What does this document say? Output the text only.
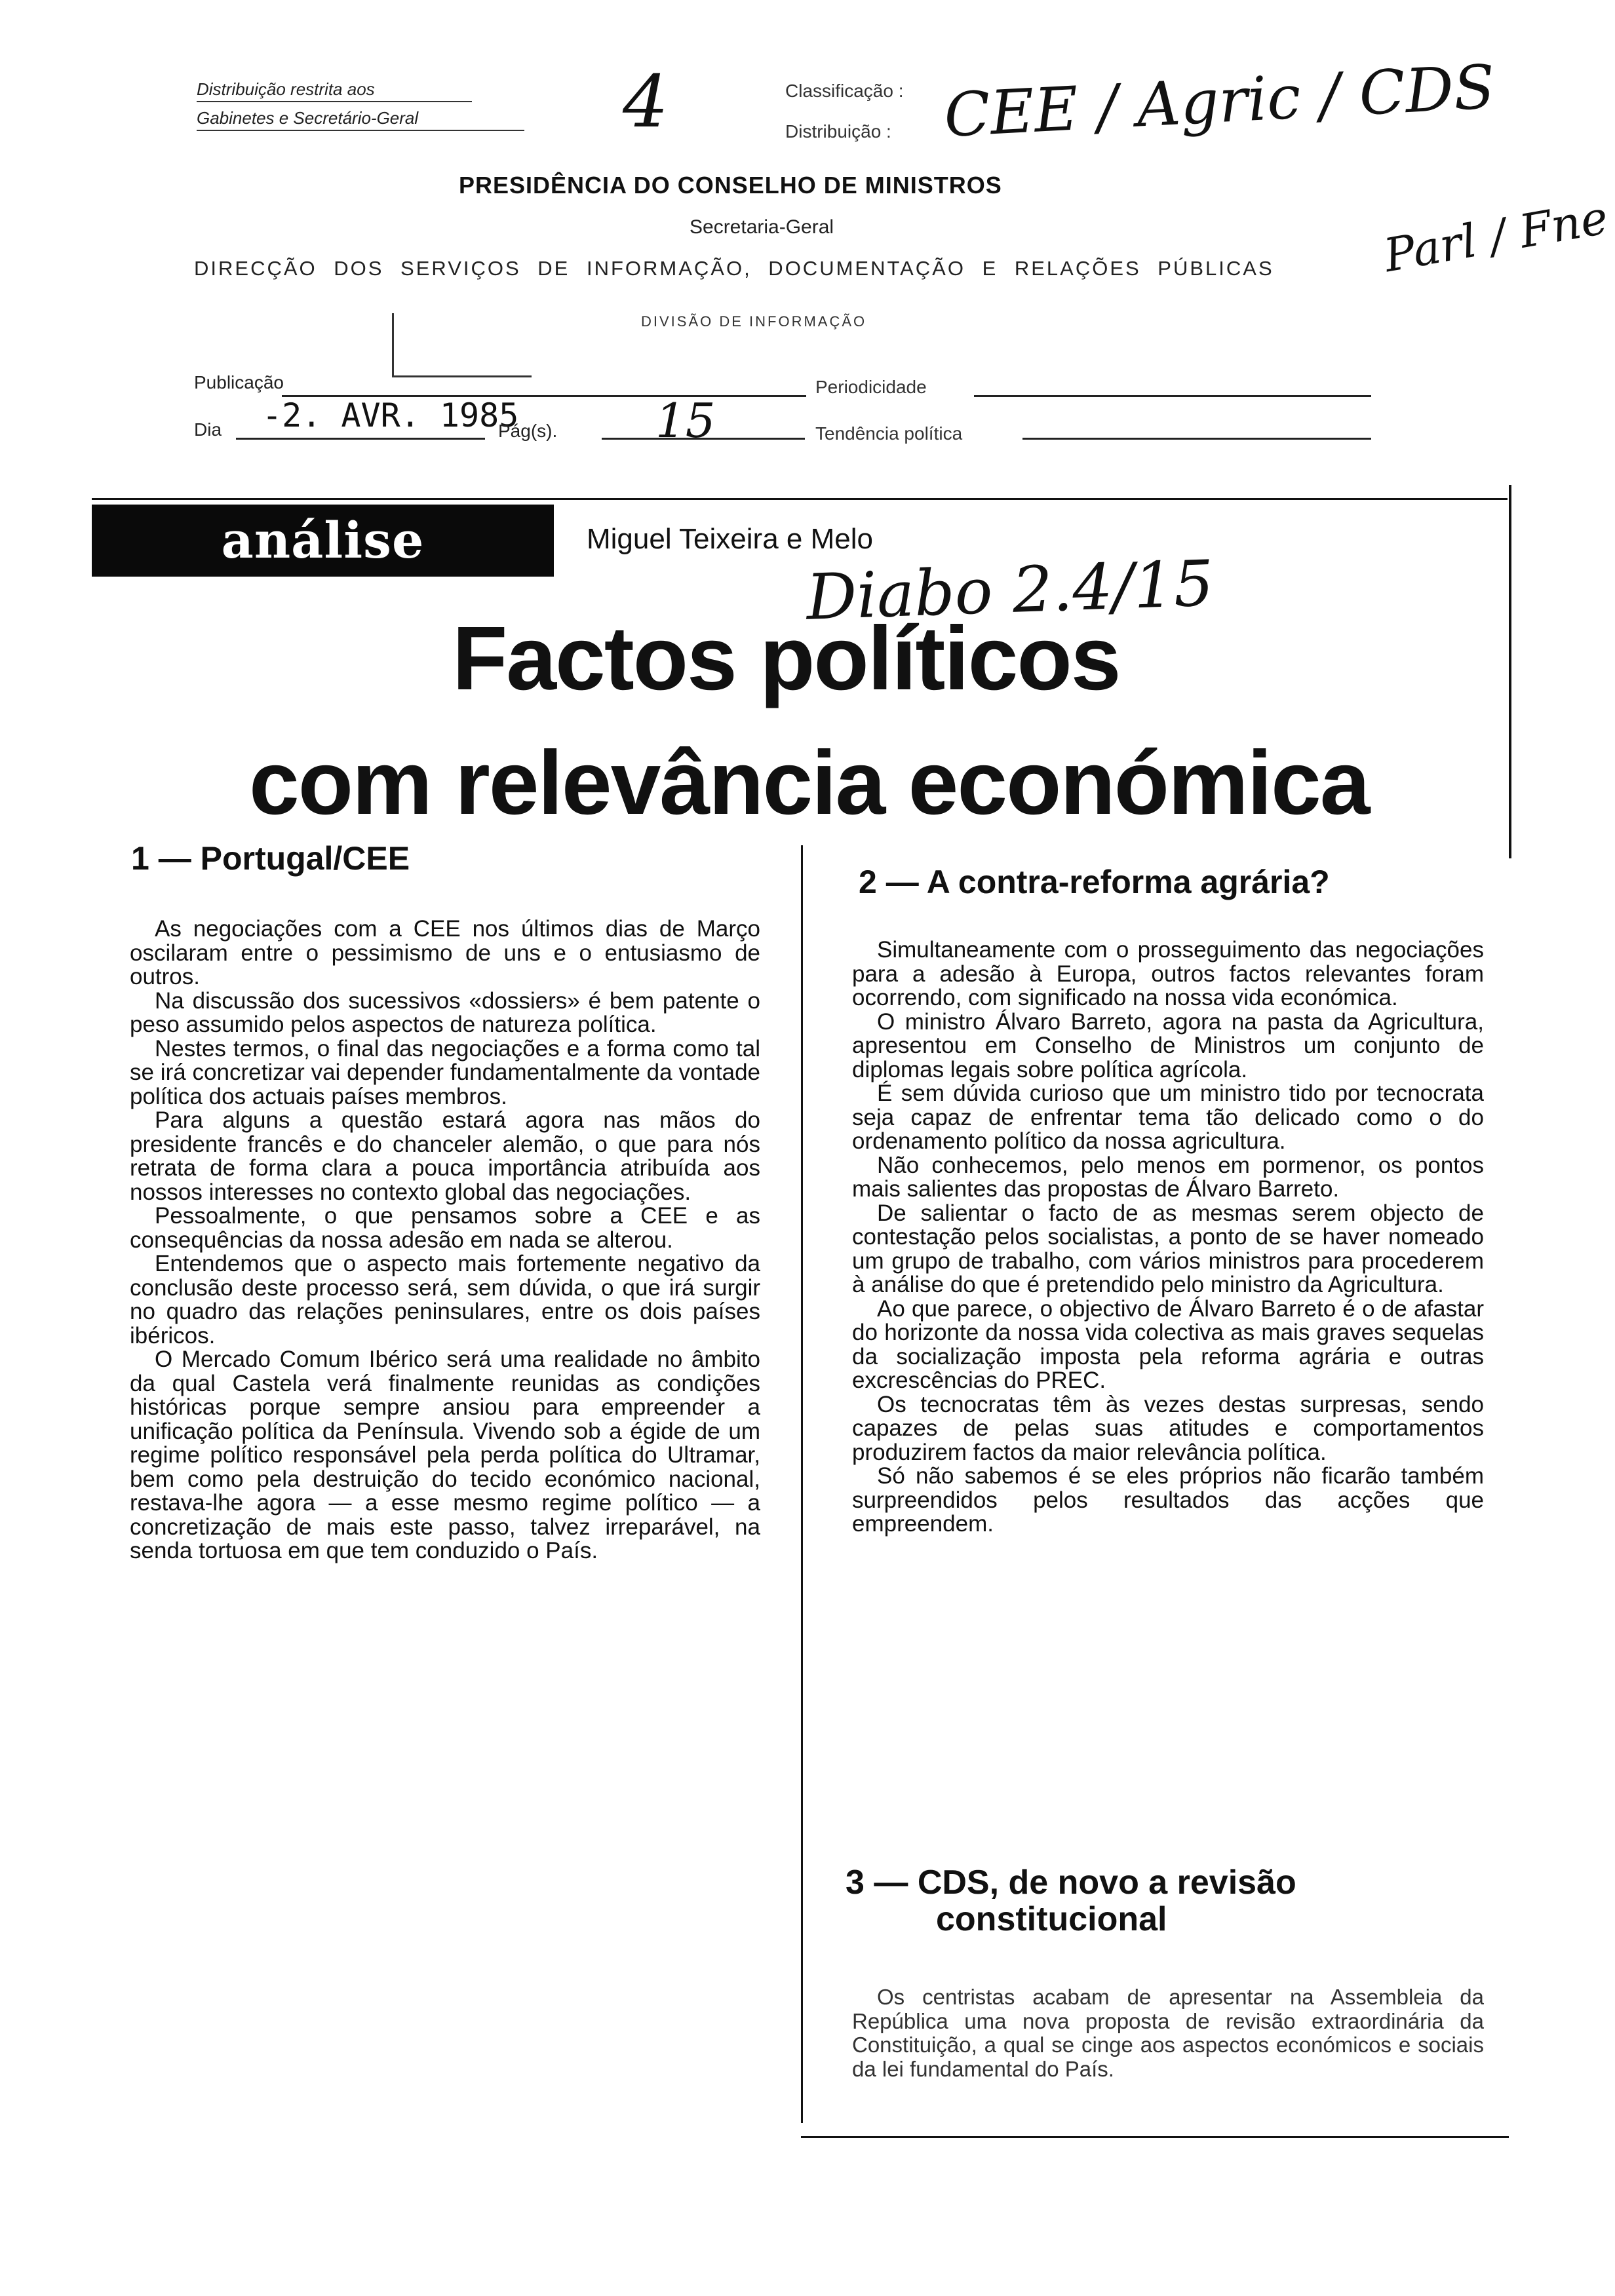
Distribuição restrita aos
Gabinetes e Secretário-Geral	4	Classificação :
Distribuição : CEE / Agric / CDS
Parl / Fne
PRESIDÊNCIA DO CONSELHO DE MINISTROS
Secretaria-Geral
DIRECÇÃO DOS SERVIÇOS DE INFORMAÇÃO, DOCUMENTAÇÃO E RELAÇÕES PÚBLICAS
DIVISÃO DE INFORMAÇÃO
Publicação	Periodicidade
Dia -2. AVR. 1985
Pág(s). 15	Tendência política
análise económica
Miguel Teixeira e Melo
Diabo 2.4/15
Factos políticos
com relevância económica
1 — Portugal/CEE

As negociações com a CEE nos últimos dias de Março oscilaram entre o pessimismo de uns e o entusiasmo de outros.

Na discussão dos sucessivos «dossiers» é bem patente o peso assumido pelos aspectos de natureza política.

Nestes termos, o final das negociações e a forma como tal se irá concretizar vai depender fundamentalmente da vontade política dos actuais países membros.

Para alguns a questão estará agora nas mãos do presidente francês e do chanceler alemão, o que para nós retrata de forma clara a pouca importância atribuída aos nossos interesses no contexto global das negociações.

Pessoalmente, o que pensamos sobre a CEE e as consequências da nossa adesão em nada se alterou.

Entendemos que o aspecto mais fortemente negativo da conclusão deste processo será, sem dúvida, o que irá surgir no quadro das relações peninsulares, entre os dois países ibéricos.

O Mercado Comum Ibérico será uma realidade no âmbito da qual Castela verá finalmente reunidas as condições históricas porque sempre ansiou para empreender a unificação política da Península. Vivendo sob a égide de um regime político responsável pela perda política do Ultramar, bem como pela destruição do tecido económico nacional, restava-lhe agora — a esse mesmo regime político — a concretização de mais este passo, talvez irreparável, na senda tortuosa em que tem conduzido o País.

2 — A contra-reforma agrária?

Simultaneamente com o prosseguimento das negociações para a adesão à Europa, outros factos relevantes foram ocorrendo, com significado na nossa vida económica.

O ministro Álvaro Barreto, agora na pasta da Agricultura, apresentou em Conselho de Ministros um conjunto de diplomas legais sobre política agrícola.

É sem dúvida curioso que um ministro tido por tecnocrata seja capaz de enfrentar tema tão delicado como o do ordenamento político da nossa agricultura.

Não conhecemos, pelo menos em pormenor, os pontos mais salientes das propostas de Álvaro Barreto.

De salientar o facto de as mesmas serem objecto de contestação pelos socialistas, a ponto de se haver nomeado um grupo de trabalho, com vários ministros para procederem à análise do que é pretendido pelo ministro da Agricultura.

Ao que parece, o objectivo de Álvaro Barreto é o de afastar do horizonte da nossa vida colectiva as mais graves sequelas da socialização imposta pela reforma agrária e outras excrescências do PREC.

Os tecnocratas têm às vezes destas surpresas, sendo capazes de pelas suas atitudes e comportamentos produzirem factos da maior relevância política.

Só não sabemos é se eles próprios não ficarão também surpreendidos pelos resultados das acções que empreendem.

3 — CDS, de novo a revisão
constitucional

Os centristas acabam de apresentar na Assembleia da República uma nova proposta de revisão extraordinária da Constituição, a qual se cinge aos aspectos económicos e sociais da lei fundamental do País.
